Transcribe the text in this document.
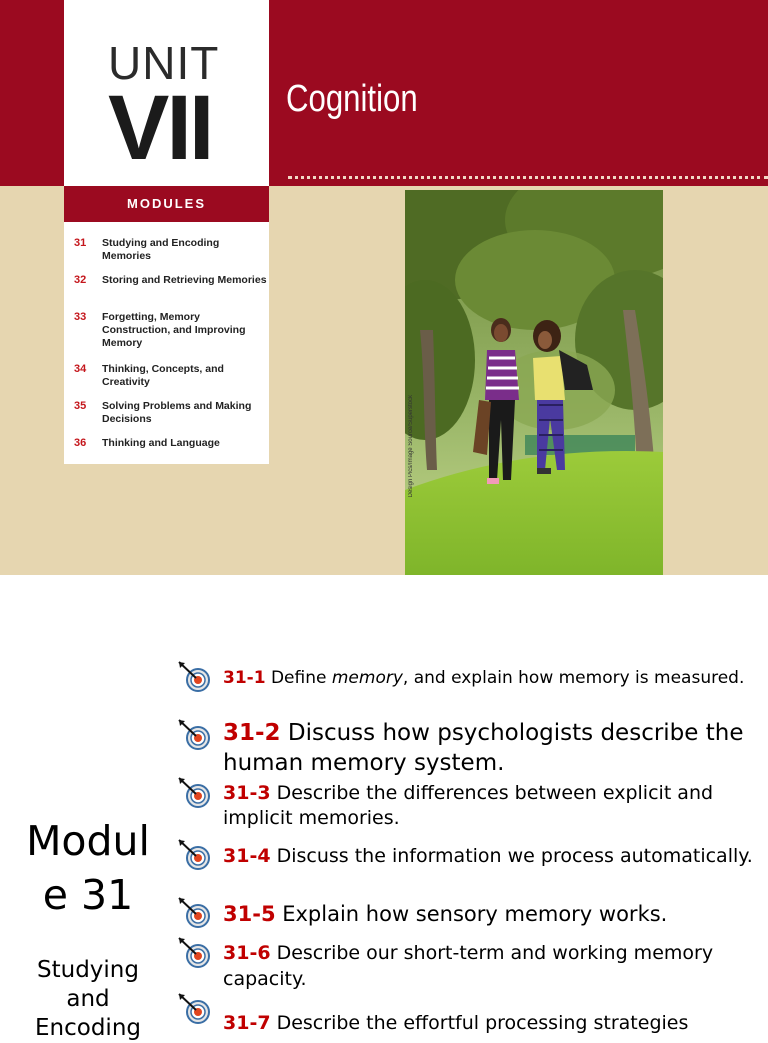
UNIT
VII Cognition
MODULES
31 Studying and Encoding Memories
32 Storing and Retrieving Memories
33 Forgetting, Memory Construction, and Improving Memory
34 Thinking, Concepts, and Creativity
35 Solving Problems and Making Decisions
36 Thinking and Language	Design Pics/Image Source/Superstock
Modul
e 31
Studying
and
Encoding
31-1 Define memory, and explain how memory is measured.
31-2 Discuss how psychologists describe the human memory system.
31-3 Describe the differences between explicit and implicit memories.
31-4 Discuss the information we process automatically.
31-5 Explain how sensory memory works.
31-6 Describe our short-term and working memory capacity.
31-7 Describe the effortful processing strategies
